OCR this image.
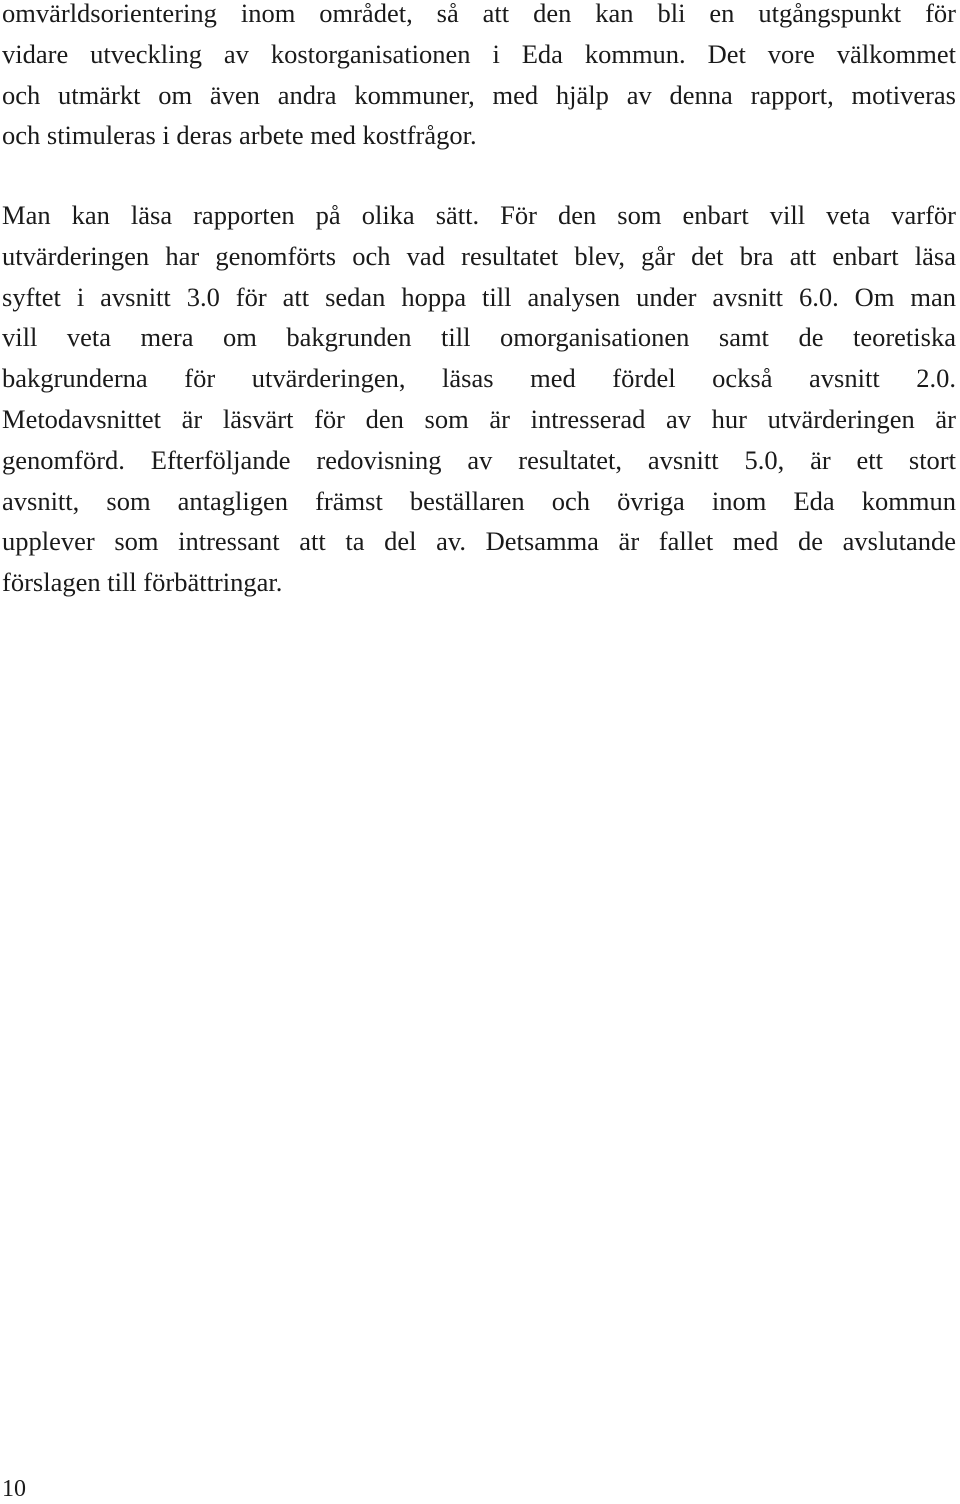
omvärldsorientering inom området, så att den kan bli en utgångspunkt för
vidare utveckling av kostorganisationen i Eda kommun. Det vore välkommet
och utmärkt om även andra kommuner, med hjälp av denna rapport, motiveras
och stimuleras i deras arbete med kostfrågor.

Man kan läsa rapporten på olika sätt. För den som enbart vill veta varför
utvärderingen har genomförts och vad resultatet blev, går det bra att enbart läsa
syftet i avsnitt 3.0 för att sedan hoppa till analysen under avsnitt 6.0. Om man
vill veta mera om bakgrunden till omorganisationen samt de teoretiska
bakgrunderna för utvärderingen, läsas med fördel också avsnitt 2.0.
Metodavsnittet är läsvärt för den som är intresserad av hur utvärderingen är
genomförd. Efterföljande redovisning av resultatet, avsnitt 5.0, är ett stort
avsnitt, som antagligen främst beställaren och övriga inom Eda kommun
upplever som intressant att ta del av. Detsamma är fallet med de avslutande
förslagen till förbättringar.

10
